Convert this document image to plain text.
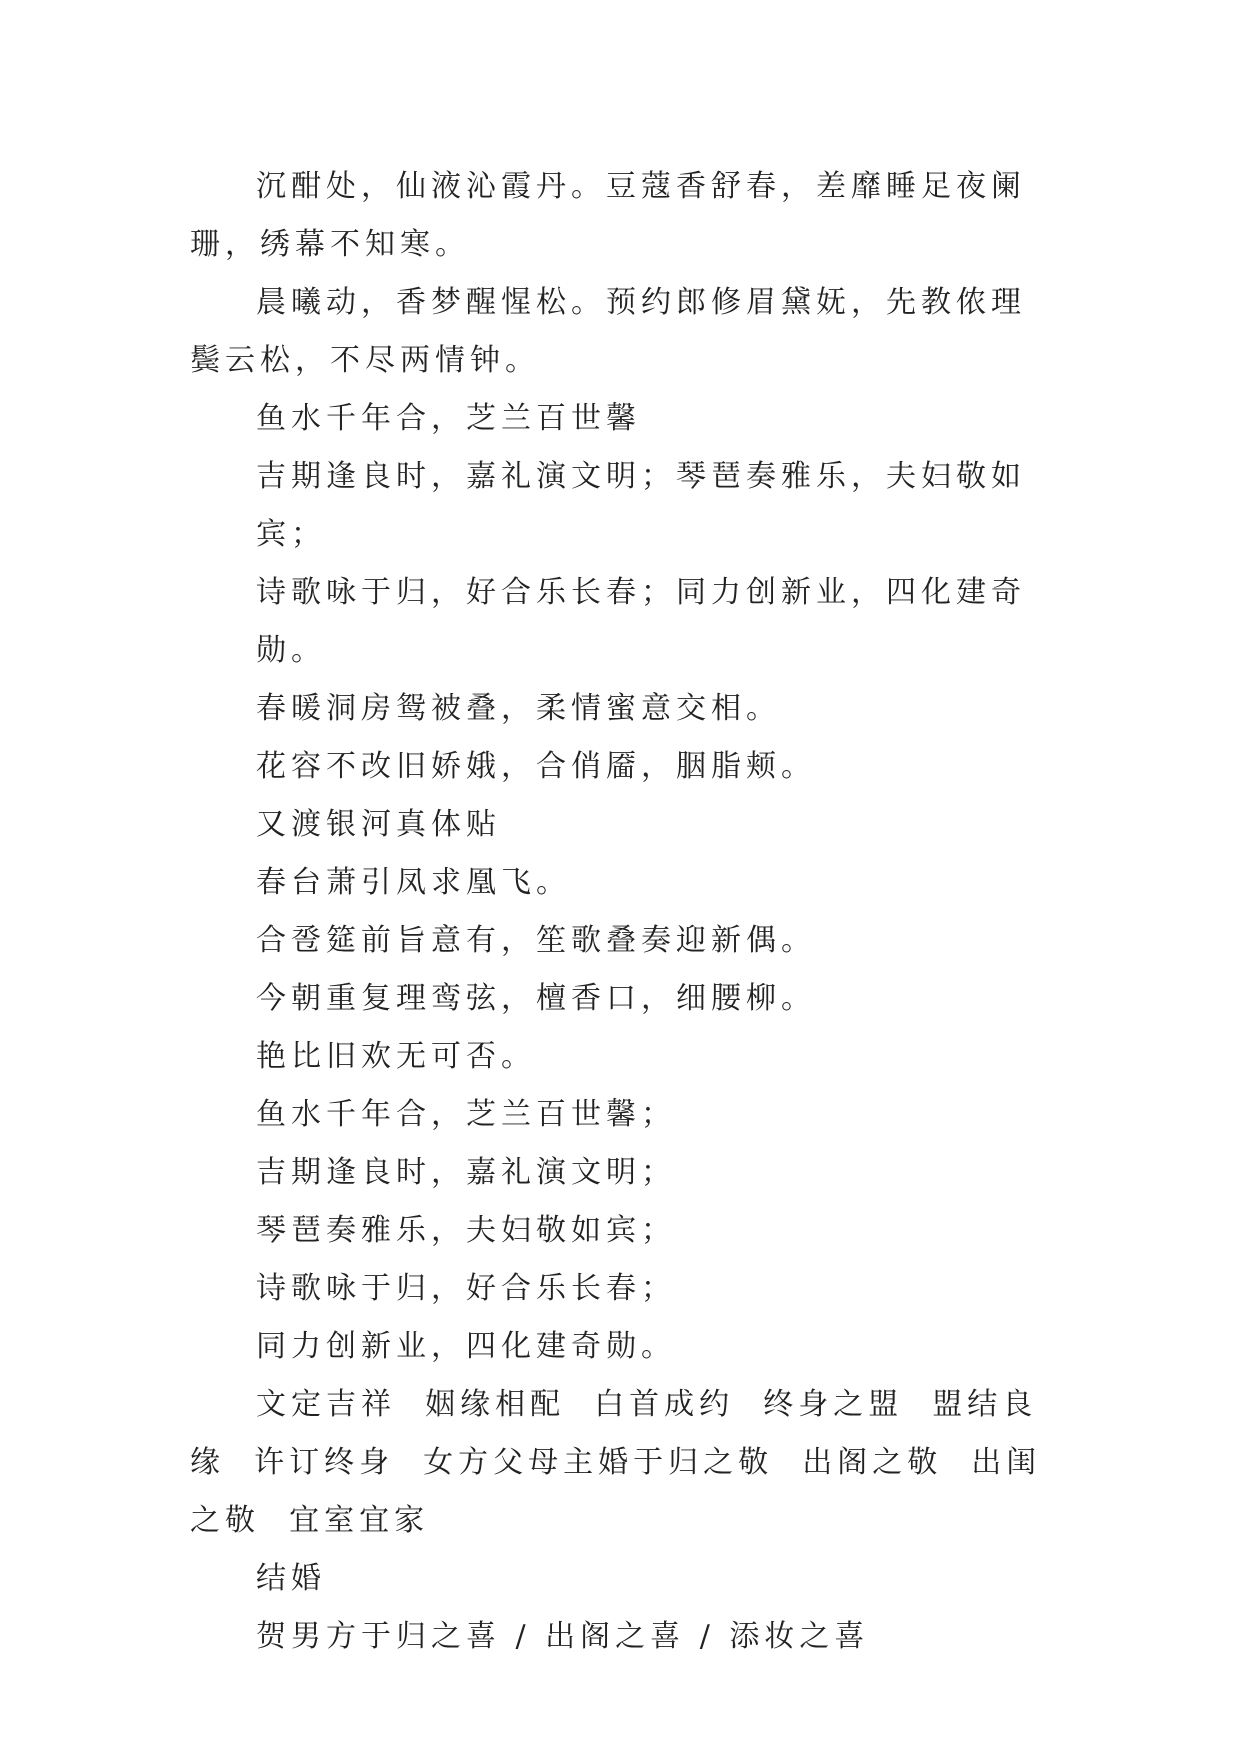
沉酣处，仙液沁霞丹。豆蔻香舒春，差靡睡足夜阑珊，绣幕不知寒。

晨曦动，香梦醒惺松。预约郎修眉黛妩，先教侬理鬓云松，不尽两情钟。

鱼水千年合，芝兰百世馨

吉期逢良时，嘉礼演文明；琴琶奏雅乐，夫妇敬如宾；

诗歌咏于归，好合乐长春；同力创新业，四化建奇勋。

春暖洞房鸳被叠，柔情蜜意交相。

花容不改旧娇娥，合俏靥，胭脂颊。

又渡银河真体贴

春台萧引凤求凰飞。

合卺筵前旨意有，笙歌叠奏迎新偶。

今朝重复理鸾弦，檀香口，细腰柳。

艳比旧欢无可否。

鱼水千年合，芝兰百世馨；

吉期逢良时，嘉礼演文明；

琴琶奏雅乐，夫妇敬如宾；

诗歌咏于归，好合乐长春；

同力创新业，四化建奇勋。

文定吉祥  姻缘相配  白首成约  终身之盟  盟结良缘  许订终身  女方父母主婚于归之敬  出阁之敬  出闺之敬  宜室宜家

结婚

贺男方于归之喜 / 出阁之喜 / 添妆之喜
